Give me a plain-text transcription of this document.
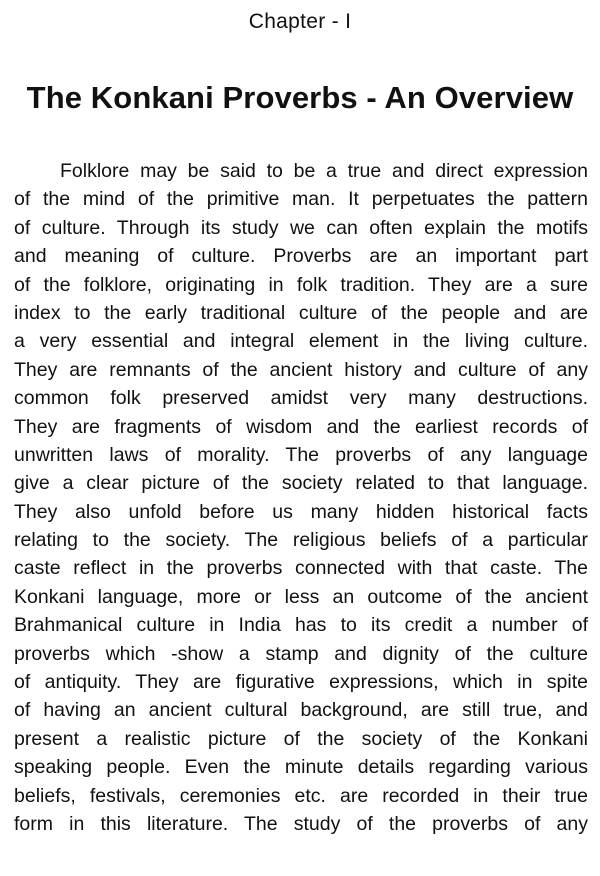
Chapter - I
The Konkani Proverbs - An Overview
Folklore may be said to be a true and direct expression
of the mind of the primitive man. It perpetuates the pattern
of culture. Through its study we can often explain the motifs
and meaning of culture. Proverbs are an important part
of the folklore, originating in folk tradition. They are a sure
index to the early traditional culture of the people and are
a very essential and integral element in the living culture.
They are remnants of the ancient history and culture of any
common folk preserved amidst very many destructions.
They are fragments of wisdom and the earliest records of
unwritten laws of morality. The proverbs of any language
give a clear picture of the society related to that language.
They also unfold before us many hidden historical facts
relating to the society. The religious beliefs of a particular
caste reflect in the proverbs connected with that caste. The
Konkani language, more or less an outcome of the ancient
Brahmanical culture in India has to its credit a number of
proverbs which -show a stamp and dignity of the culture
of antiquity. They are figurative expressions, which in spite
of having an ancient cultural background, are still true, and
present a realistic picture of the society of the Konkani
speaking people. Even the minute details regarding various
beliefs, festivals, ceremonies etc. are recorded in their true
form in this literature. The study of the proverbs of any
